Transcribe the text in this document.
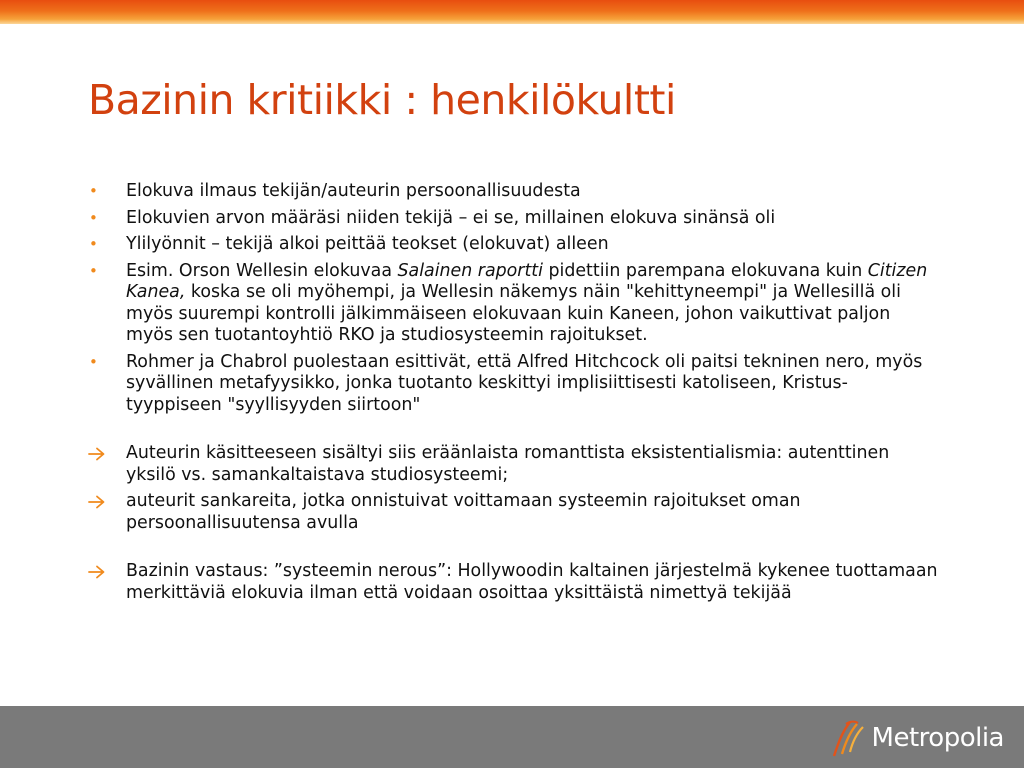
Bazinin kritiikki : henkilökultti
•	Elokuva ilmaus tekijän/auteurin persoonallisuudesta
•	Elokuvien arvon määräsi niiden tekijä – ei se, millainen elokuva sinänsä oli
•	Ylilyönnit – tekijä alkoi peittää teokset (elokuvat) alleen
•	Esim. Orson Wellesin elokuvaa Salainen raportti pidettiin parempana elokuvana kuin Citizen Kanea, koska se oli myöhempi, ja Wellesin näkemys näin "kehittyneempi" ja Wellesillä oli myös suurempi kontrolli jälkimmäiseen elokuvaan kuin Kaneen, johon vaikuttivat paljon myös sen tuotantoyhtiö RKO ja studiosysteemin rajoitukset.
•	Rohmer ja Chabrol puolestaan esittivät, että Alfred Hitchcock oli paitsi tekninen nero, myös syvällinen metafyysikko, jonka tuotanto keskittyi implisiittisesti katoliseen, Kristus- tyyppiseen "syyllisyyden siirtoon"
Auteurin käsitteeseen sisältyi siis eräänlaista romanttista eksistentialismia: autenttinen yksilö vs. samankaltaistava studiosysteemi;
auteurit sankareita, jotka onnistuivat voittamaan systeemin rajoitukset oman persoonallisuutensa avulla
Bazinin vastaus: ”systeemin nerous”: Hollywoodin kaltainen järjestelmä kykenee tuottamaan merkittäviä elokuvia ilman että voidaan osoittaa yksittäistä nimettyä tekijää
Metropolia
